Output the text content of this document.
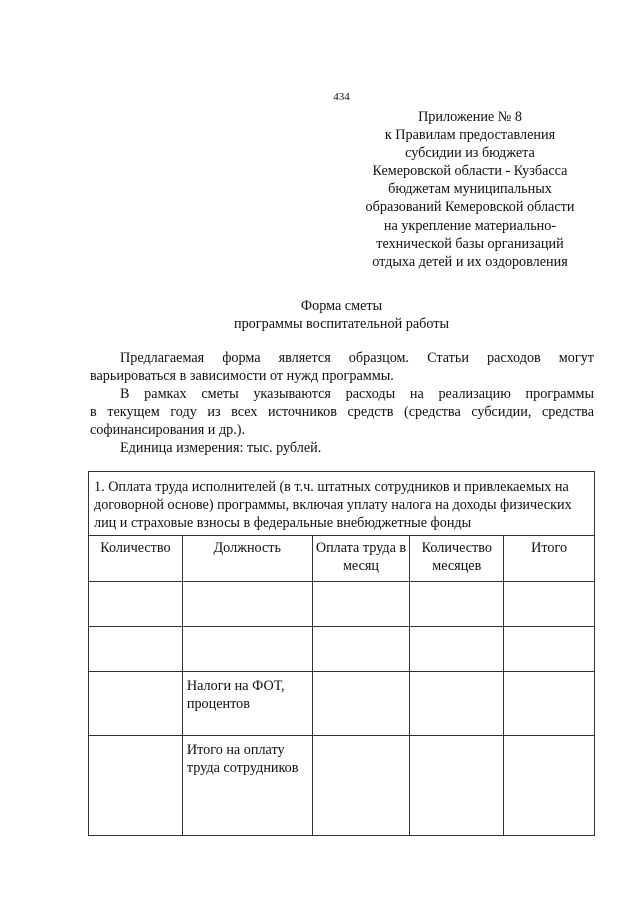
434
Приложение № 8
к Правилам предоставления
субсидии из бюджета
Кемеровской области - Кузбасса
бюджетам муниципальных
образований Кемеровской области
на укрепление материально-
технической базы организаций
отдыха детей и их оздоровления
Форма сметы
программы воспитательной работы

Предлагаемая форма является образцом. Статьи расходов могут

варьироваться в зависимости от нужд программы.

В рамках сметы указываются расходы на реализацию программы

в текущем году из всех источников средств (средства субсидии, средства

софинансирования и др.).

Единица измерения: тыс. рублей.

1. Оплата труда исполнителей (в т.ч. штатных сотрудников и привлекаемых на договорной основе) программы, включая уплату налога на доходы физических лиц и страховые взносы в федеральные внебюджетные фонды				
Количество	Должность	Оплата труда в месяц	Количество месяцев	Итого

	Налоги на ФОТ, процентов			
	Итого на оплату труда сотрудников			
